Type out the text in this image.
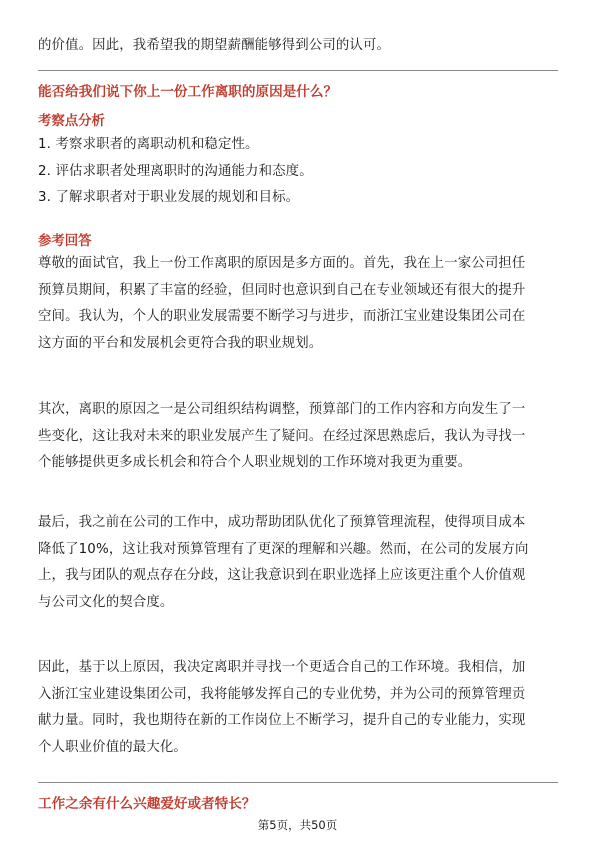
的价值。因此，我希望我的期望薪酬能够得到公司的认可。
能否给我们说下你上一份工作离职的原因是什么？
考察点分析
1. 考察求职者的离职动机和稳定性。
2. 评估求职者处理离职时的沟通能力和态度。
3. 了解求职者对于职业发展的规划和目标。
参考回答
尊敬的面试官，我上一份工作离职的原因是多方面的。首先，我在上一家公司担任
预算员期间，积累了丰富的经验，但同时也意识到自己在专业领域还有很大的提升
空间。我认为，个人的职业发展需要不断学习与进步，而浙江宝业建设集团公司在
这方面的平台和发展机会更符合我的职业规划。
其次，离职的原因之一是公司组织结构调整，预算部门的工作内容和方向发生了一
些变化，这让我对未来的职业发展产生了疑问。在经过深思熟虑后，我认为寻找一
个能够提供更多成长机会和符合个人职业规划的工作环境对我更为重要。
最后，我之前在公司的工作中，成功帮助团队优化了预算管理流程，使得项目成本
降低了10%，这让我对预算管理有了更深的理解和兴趣。然而，在公司的发展方向
上，我与团队的观点存在分歧，这让我意识到在职业选择上应该更注重个人价值观
与公司文化的契合度。
因此，基于以上原因，我决定离职并寻找一个更适合自己的工作环境。我相信，加
入浙江宝业建设集团公司，我将能够发挥自己的专业优势，并为公司的预算管理贡
献力量。同时，我也期待在新的工作岗位上不断学习，提升自己的专业能力，实现
个人职业价值的最大化。
工作之余有什么兴趣爱好或者特长？
第5页，共50页
